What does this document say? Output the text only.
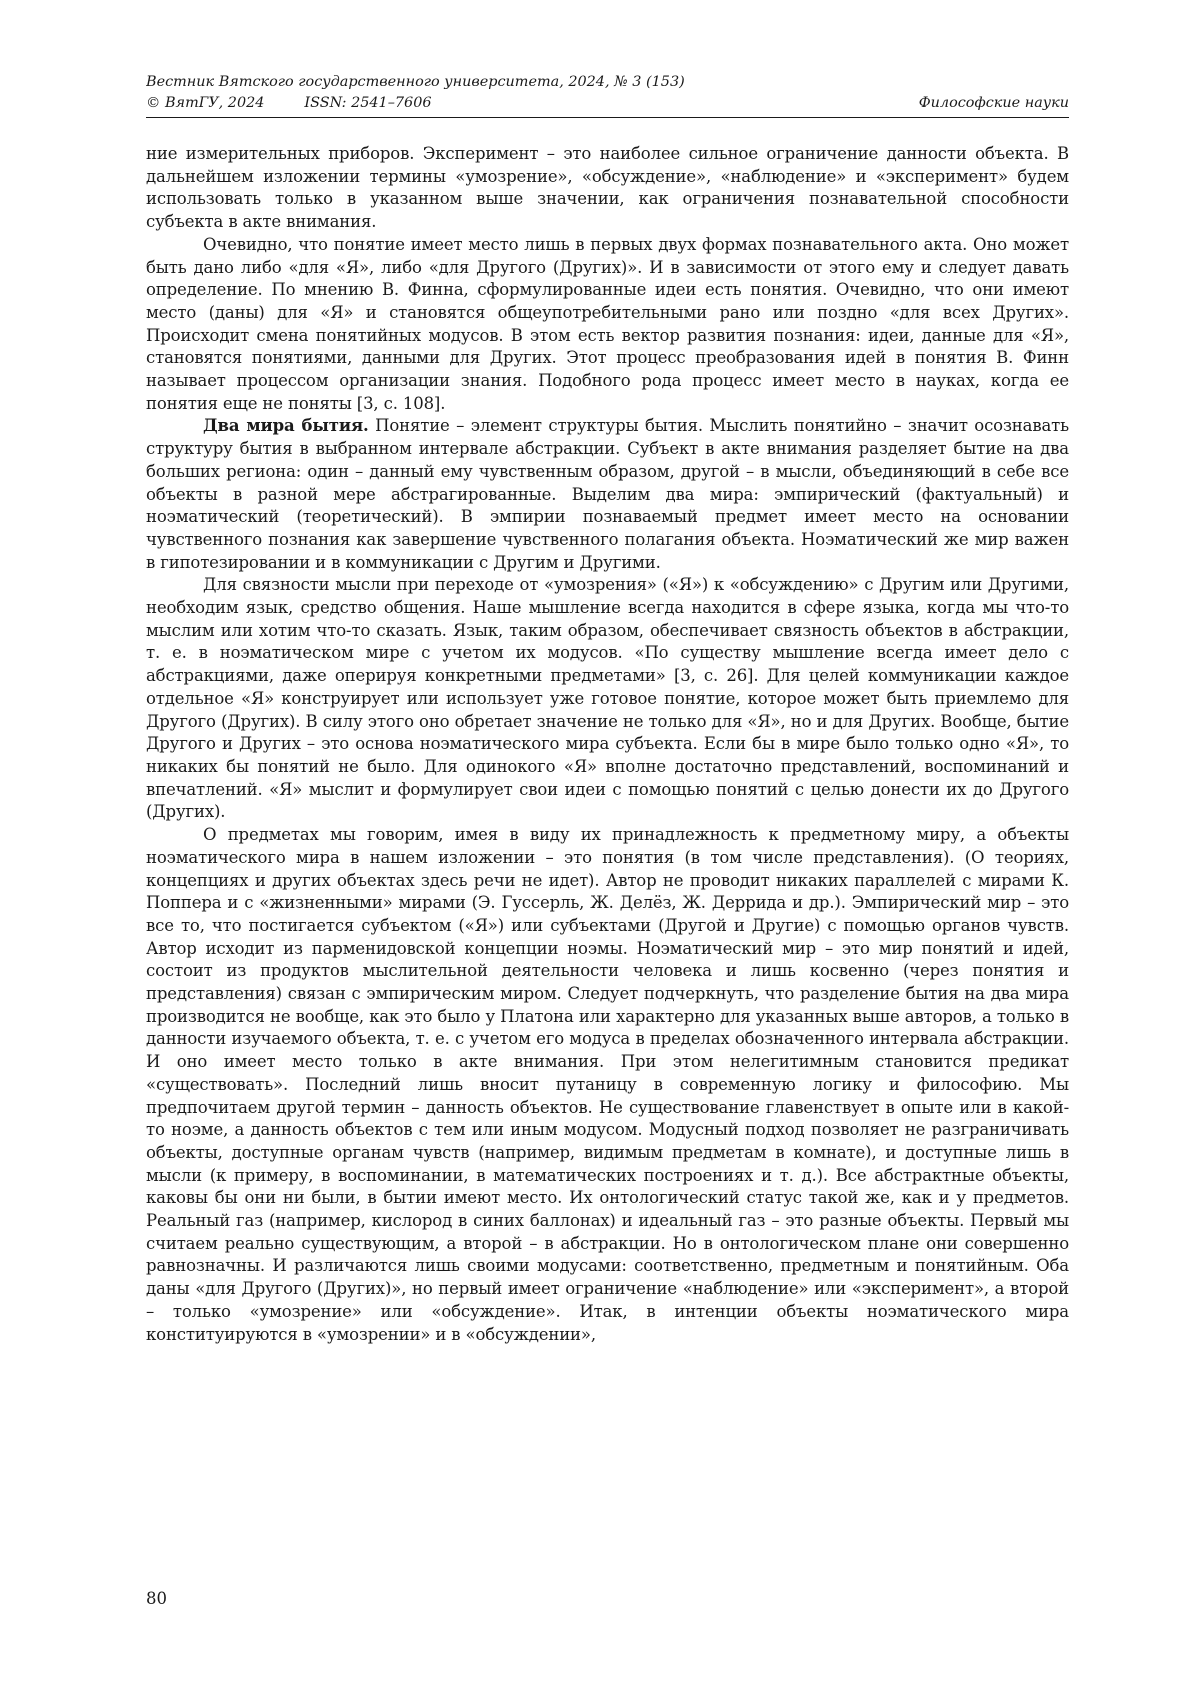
Вестник Вятского государственного университета, 2024, № 3 (153)
© ВятГУ, 2024	ISSN: 2541–7606	Философские науки

ние измерительных приборов. Эксперимент – это наиболее сильное ограничение данности объекта. В дальнейшем изложении термины «умозрение», «обсуждение», «наблюдение» и «эксперимент» будем использовать только в указанном выше значении, как ограничения познавательной способности субъекта в акте внимания.

Очевидно, что понятие имеет место лишь в первых двух формах познавательного акта. Оно может быть дано либо «для «Я», либо «для Другого (Других)». И в зависимости от этого ему и следует давать определение. По мнению В. Финна, сформулированные идеи есть понятия. Очевидно, что они имеют место (даны) для «Я» и становятся общеупотребительными рано или поздно «для всех Других». Происходит смена понятийных модусов. В этом есть вектор развития познания: идеи, данные для «Я», становятся понятиями, данными для Других. Этот процесс преобразования идей в понятия В. Финн называет процессом организации знания. Подобного рода процесс имеет место в науках, когда ее понятия еще не поняты [3, с. 108].

Два мира бытия. Понятие – элемент структуры бытия. Мыслить понятийно – значит осознавать структуру бытия в выбранном интервале абстракции. Субъект в акте внимания разделяет бытие на два больших региона: один – данный ему чувственным образом, другой – в мысли, объединяющий в себе все объекты в разной мере абстрагированные. Выделим два мира: эмпирический (фактуальный) и ноэматический (теоретический). В эмпирии познаваемый предмет имеет место на основании чувственного познания как завершение чувственного полагания объекта. Ноэматический же мир важен в гипотезировании и в коммуникации с Другим и Другими.

Для связности мысли при переходе от «умозрения» («Я») к «обсуждению» с Другим или Другими, необходим язык, средство общения. Наше мышление всегда находится в сфере языка, когда мы что-то мыслим или хотим что-то сказать. Язык, таким образом, обеспечивает связность объектов в абстракции, т. е. в ноэматическом мире с учетом их модусов. «По существу мышление всегда имеет дело с абстракциями, даже оперируя конкретными предметами» [3, с. 26]. Для целей коммуникации каждое отдельное «Я» конструирует или использует уже готовое понятие, которое может быть приемлемо для Другого (Других). В силу этого оно обретает значение не только для «Я», но и для Других. Вообще, бытие Другого и Других – это основа ноэматического мира субъекта. Если бы в мире было только одно «Я», то никаких бы понятий не было. Для одинокого «Я» вполне достаточно представлений, воспоминаний и впечатлений. «Я» мыслит и формулирует свои идеи с помощью понятий с целью донести их до Другого (Других).

О предметах мы говорим, имея в виду их принадлежность к предметному миру, а объекты ноэматического мира в нашем изложении – это понятия (в том числе представления). (О теориях, концепциях и других объектах здесь речи не идет). Автор не проводит никаких параллелей с мирами К. Поппера и с «жизненными» мирами (Э. Гуссерль, Ж. Делёз, Ж. Деррида и др.). Эмпирический мир – это все то, что постигается субъектом («Я») или субъектами (Другой и Другие) с помощью органов чувств. Автор исходит из парменидовской концепции ноэмы. Ноэматический мир – это мир понятий и идей, состоит из продуктов мыслительной деятельности человека и лишь косвенно (через понятия и представления) связан с эмпирическим миром. Следует подчеркнуть, что разделение бытия на два мира производится не вообще, как это было у Платона или характерно для указанных выше авторов, а только в данности изучаемого объекта, т. е. с учетом его модуса в пределах обозначенного интервала абстракции. И оно имеет место только в акте внимания. При этом нелегитимным становится предикат «существовать». Последний лишь вносит путаницу в современную логику и философию. Мы предпочитаем другой термин – данность объектов. Не существование главенствует в опыте или в какой-то ноэме, а данность объектов с тем или иным модусом. Модусный подход позволяет не разграничивать объекты, доступные органам чувств (например, видимым предметам в комнате), и доступные лишь в мысли (к примеру, в воспоминании, в математических построениях и т. д.). Все абстрактные объекты, каковы бы они ни были, в бытии имеют место. Их онтологический статус такой же, как и у предметов. Реальный газ (например, кислород в синих баллонах) и идеальный газ – это разные объекты. Первый мы считаем реально существующим, а второй – в абстракции. Но в онтологическом плане они совершенно равнозначны. И различаются лишь своими модусами: соответственно, предметным и понятийным. Оба даны «для Другого (Других)», но первый имеет ограничение «наблюдение» или «эксперимент», а второй – только «умозрение» или «обсуждение». Итак, в интенции объекты ноэматического мира конституируются в «умозрении» и в «обсуждении»,

80
